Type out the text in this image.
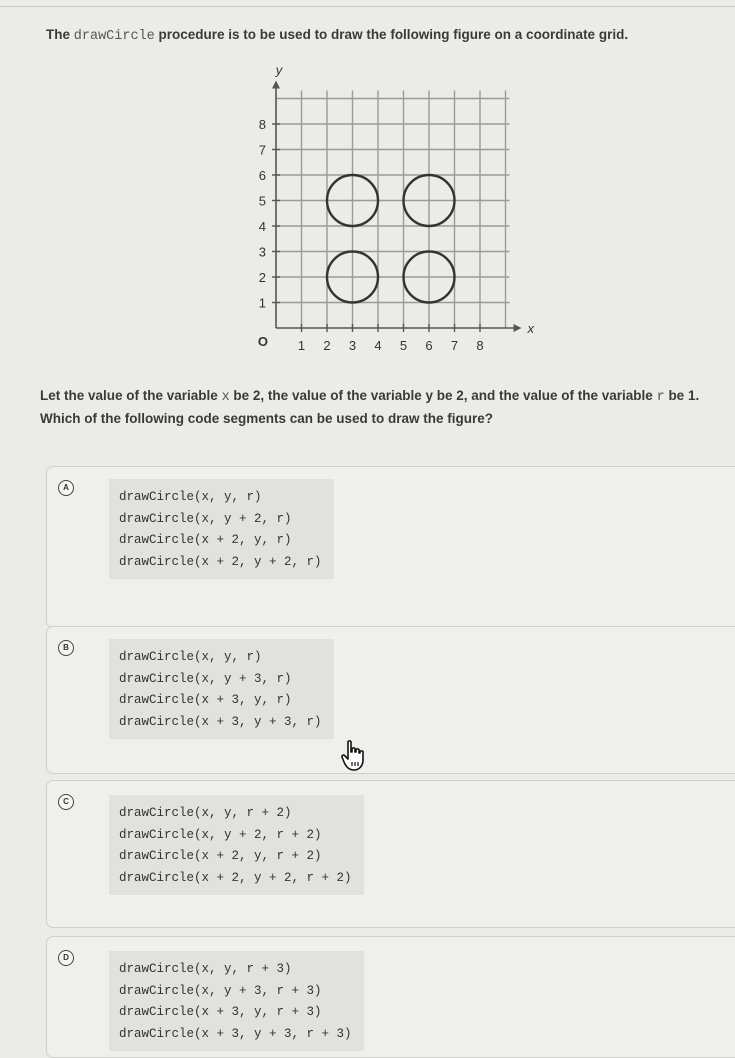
The drawCircle procedure is to be used to draw the following figure on a coordinate grid.
1 2 3 4 5 6 7 8
1
2
3
4
5
6
7
8
O
x
y
Let the value of the variable x be 2, the value of the variable y be 2, and the value of the variable r be 1. Which of the following code segments can be used to draw the figure?
A
drawCircle(x, y, r)
drawCircle(x, y + 2, r)
drawCircle(x + 2, y, r)
drawCircle(x + 2, y + 2, r)
B
drawCircle(x, y, r)
drawCircle(x, y + 3, r)
drawCircle(x + 3, y, r)
drawCircle(x + 3, y + 3, r)
C
drawCircle(x, y, r + 2)
drawCircle(x, y + 2, r + 2)
drawCircle(x + 2, y, r + 2)
drawCircle(x + 2, y + 2, r + 2)
D
drawCircle(x, y, r + 3)
drawCircle(x, y + 3, r + 3)
drawCircle(x + 3, y, r + 3)
drawCircle(x + 3, y + 3, r + 3)
